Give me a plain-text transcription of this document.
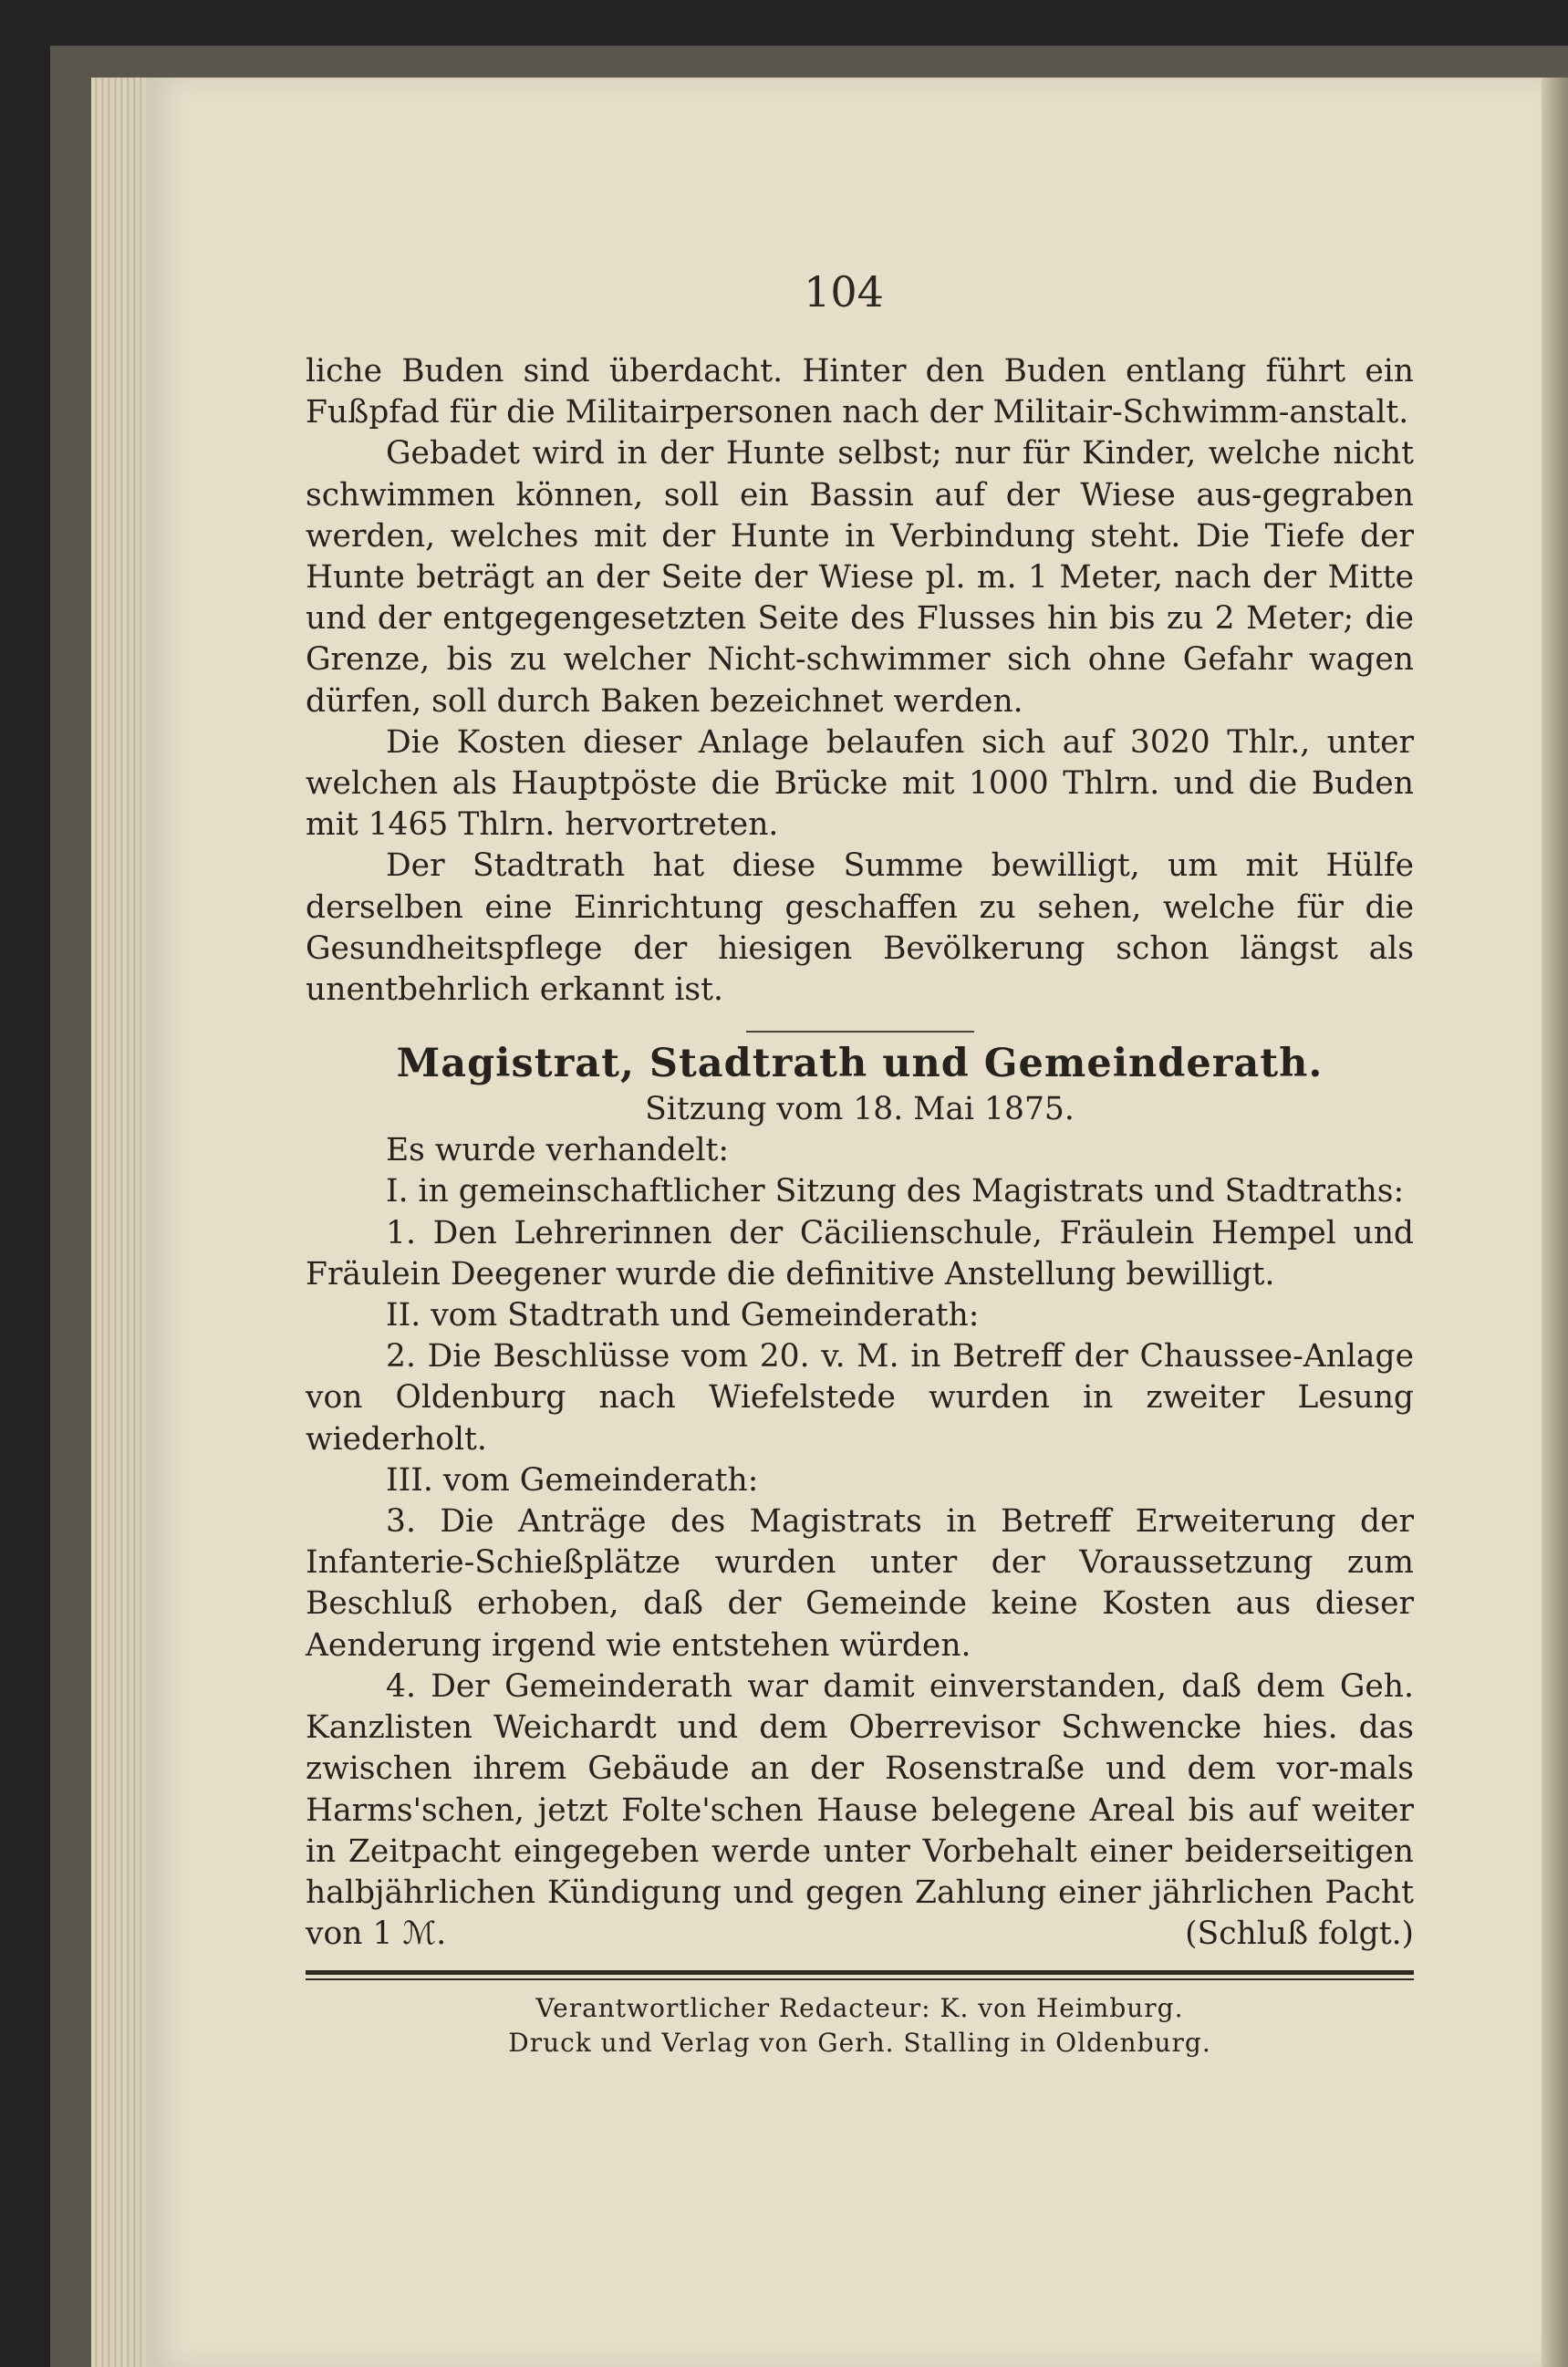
104

liche Buden sind überdacht. Hinter den Buden entlang führt ein Fußpfad für die Militairpersonen nach der Militair-Schwimm-anstalt.

Gebadet wird in der Hunte selbst; nur für Kinder, welche nicht schwimmen können, soll ein Bassin auf der Wiese aus-gegraben werden, welches mit der Hunte in Verbindung steht. Die Tiefe der Hunte beträgt an der Seite der Wiese pl. m. 1 Meter, nach der Mitte und der entgegengesetzten Seite des Flusses hin bis zu 2 Meter; die Grenze, bis zu welcher Nicht-schwimmer sich ohne Gefahr wagen dürfen, soll durch Baken bezeichnet werden.

Die Kosten dieser Anlage belaufen sich auf 3020 Thlr., unter welchen als Hauptpöste die Brücke mit 1000 Thlrn. und die Buden mit 1465 Thlrn. hervortreten.

Der Stadtrath hat diese Summe bewilligt, um mit Hülfe derselben eine Einrichtung geschaffen zu sehen, welche für die Gesundheitspflege der hiesigen Bevölkerung schon längst als unentbehrlich erkannt ist.

Magistrat, Stadtrath und Gemeinderath.
Sitzung vom 18. Mai 1875.

Es wurde verhandelt:

I. in gemeinschaftlicher Sitzung des Magistrats und Stadtraths:

1. Den Lehrerinnen der Cäcilienschule, Fräulein Hempel und Fräulein Deegener wurde die definitive Anstellung bewilligt.

II. vom Stadtrath und Gemeinderath:

2. Die Beschlüsse vom 20. v. M. in Betreff der Chaussee-Anlage von Oldenburg nach Wiefelstede wurden in zweiter Lesung wiederholt.

III. vom Gemeinderath:

3. Die Anträge des Magistrats in Betreff Erweiterung der Infanterie-Schießplätze wurden unter der Voraussetzung zum Beschluß erhoben, daß der Gemeinde keine Kosten aus dieser Aenderung irgend wie entstehen würden.

4. Der Gemeinderath war damit einverstanden, daß dem Geh. Kanzlisten Weichardt und dem Oberrevisor Schwencke hies. das zwischen ihrem Gebäude an der Rosenstraße und dem vor-mals Harms'schen, jetzt Folte'schen Hause belegene Areal bis auf weiter in Zeitpacht eingegeben werde unter Vorbehalt einer beiderseitigen halbjährlichen Kündigung und gegen Zahlung einer jährlichen Pacht von 1 ℳ.	(Schluß folgt.)

Verantwortlicher Redacteur: K. von Heimburg.
Druck und Verlag von Gerh. Stalling in Oldenburg.
